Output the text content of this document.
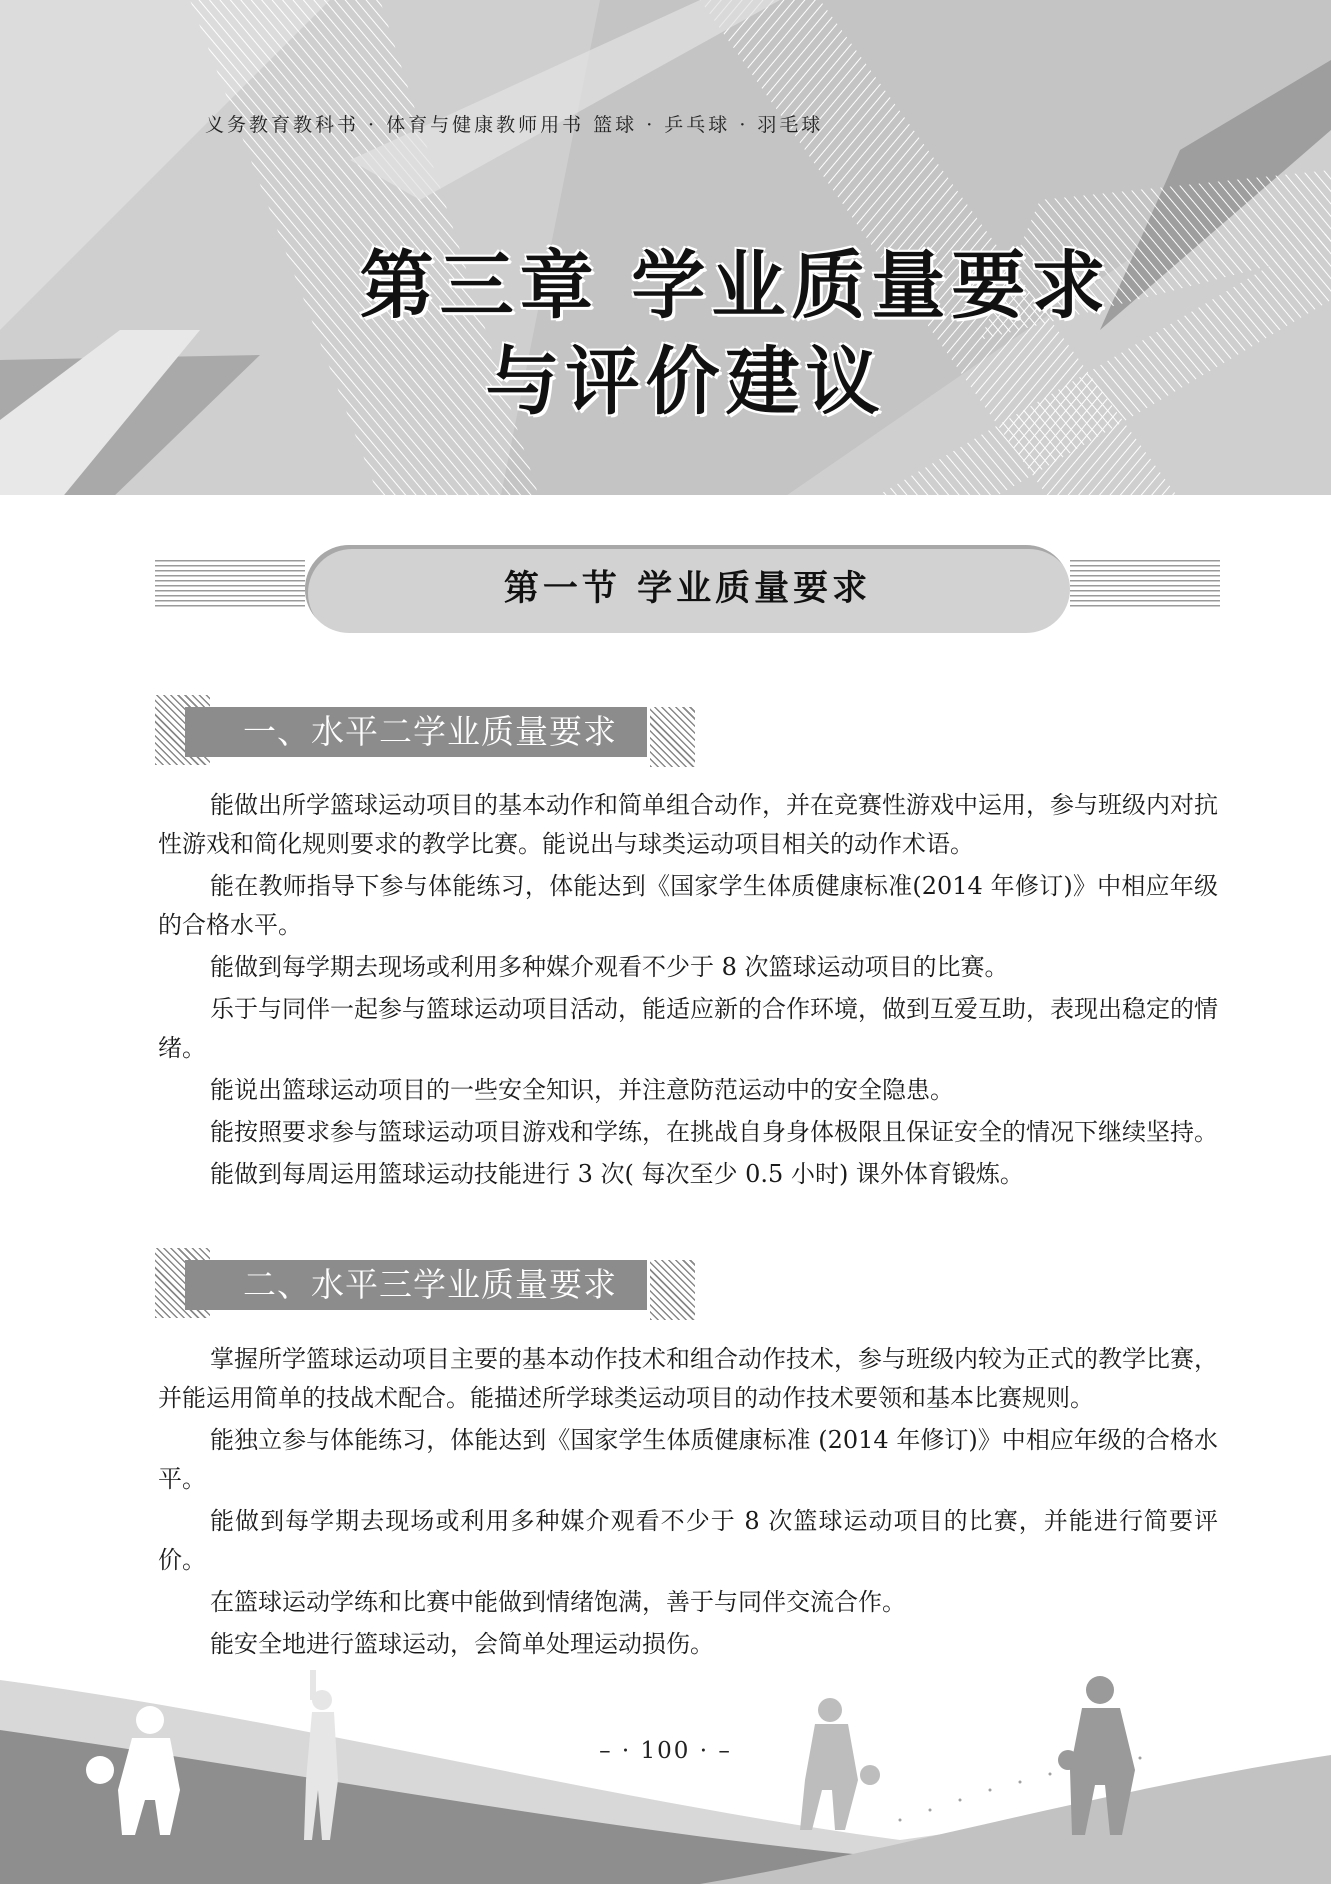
义务教育教科书 · 体育与健康教师用书 篮球 · 乒乓球 · 羽毛球
第三章 学业质量要求
与评价建议
第一节 学业质量要求
一、水平二学业质量要求

能做出所学篮球运动项目的基本动作和简单组合动作，并在竞赛性游戏中运用，参与班级内对抗性游戏和简化规则要求的教学比赛。能说出与球类运动项目相关的动作术语。

能在教师指导下参与体能练习，体能达到《国家学生体质健康标准(2014 年修订)》中相应年级的合格水平。

能做到每学期去现场或利用多种媒介观看不少于 8 次篮球运动项目的比赛。

乐于与同伴一起参与篮球运动项目活动，能适应新的合作环境，做到互爱互助，表现出稳定的情绪。

能说出篮球运动项目的一些安全知识，并注意防范运动中的安全隐患。

能按照要求参与篮球运动项目游戏和学练，在挑战自身身体极限且保证安全的情况下继续坚持。

能做到每周运用篮球运动技能进行 3 次( 每次至少 0.5 小时) 课外体育锻炼。

二、水平三学业质量要求

掌握所学篮球运动项目主要的基本动作技术和组合动作技术，参与班级内较为正式的教学比赛，并能运用简单的技战术配合。能描述所学球类运动项目的动作技术要领和基本比赛规则。

能独立参与体能练习，体能达到《国家学生体质健康标准 (2014 年修订)》中相应年级的合格水平。

能做到每学期去现场或利用多种媒介观看不少于 8 次篮球运动项目的比赛，并能进行简要评价。

在篮球运动学练和比赛中能做到情绪饱满，善于与同伴交流合作。

能安全地进行篮球运动，会简单处理运动损伤。

– · 100 · –
